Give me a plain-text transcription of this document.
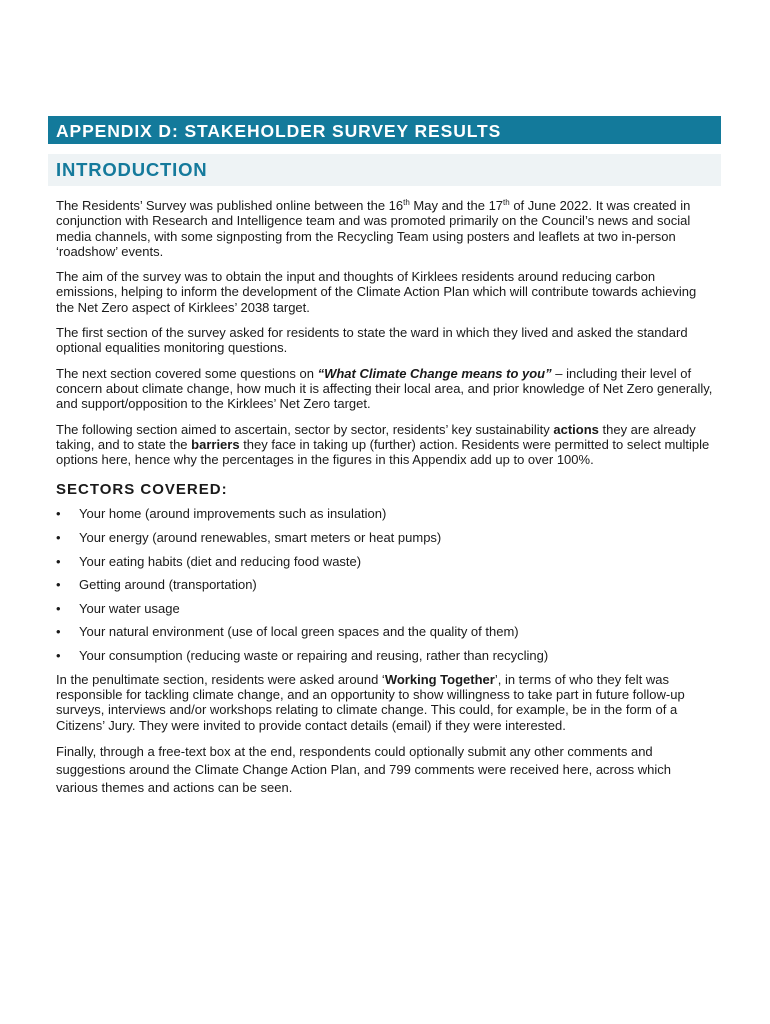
APPENDIX D: STAKEHOLDER SURVEY RESULTS
INTRODUCTION

The Residents’ Survey was published online between the 16th May and the 17th of June 2022. It was created in conjunction with Research and Intelligence team and was promoted primarily on the Council’s news and social media channels, with some signposting from the Recycling Team using posters and leaflets at two in-person ‘roadshow’ events.

The aim of the survey was to obtain the input and thoughts of Kirklees residents around reducing carbon emissions, helping to inform the development of the Climate Action Plan which will contribute towards achieving the Net Zero aspect of Kirklees’ 2038 target.

The first section of the survey asked for residents to state the ward in which they lived and asked the standard optional equalities monitoring questions.

The next section covered some questions on “What Climate Change means to you” – including their level of concern about climate change, how much it is affecting their local area, and prior knowledge of Net Zero generally, and support/opposition to the Kirklees’ Net Zero target.

The following section aimed to ascertain, sector by sector, residents’ key sustainability actions they are already taking, and to state the barriers they face in taking up (further) action. Residents were permitted to select multiple options here, hence why the percentages in the figures in this Appendix add up to over 100%.

SECTORS COVERED:
• Your home (around improvements such as insulation)
• Your energy (around renewables, smart meters or heat pumps)
• Your eating habits (diet and reducing food waste)
• Getting around (transportation)
• Your water usage
• Your natural environment (use of local green spaces and the quality of them)
• Your consumption (reducing waste or repairing and reusing, rather than recycling)

In the penultimate section, residents were asked around ‘Working Together’, in terms of who they felt was responsible for tackling climate change, and an opportunity to show willingness to take part in future follow-up surveys, interviews and/or workshops relating to climate change. This could, for example, be in the form of a Citizens’ Jury. They were invited to provide contact details (email) if they were interested.

Finally, through a free-text box at the end, respondents could optionally submit any other comments and suggestions around the Climate Change Action Plan, and 799 comments were received here, across which various themes and actions can be seen.
